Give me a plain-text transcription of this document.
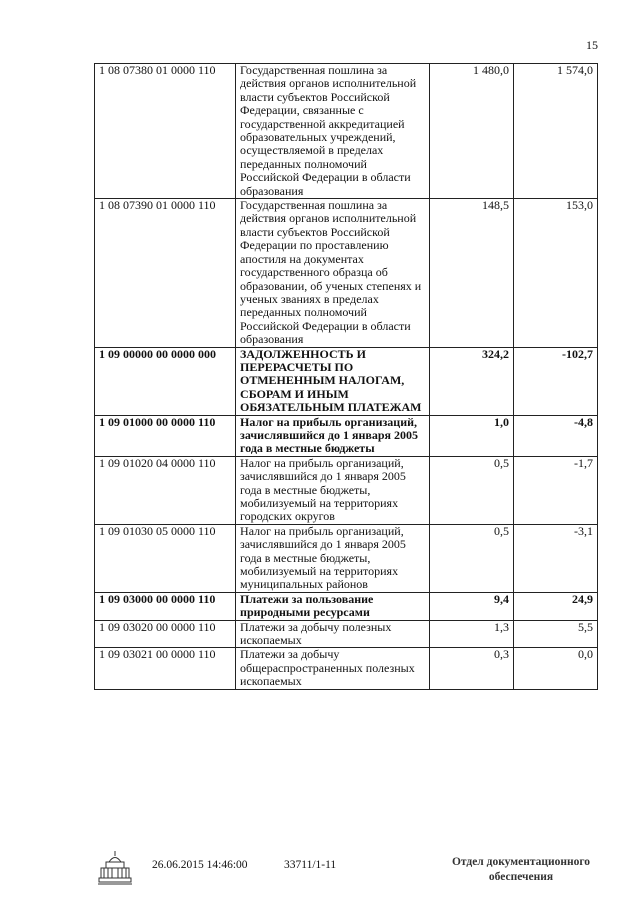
15
1 08 07380 01 0000 110	Государственная пошлина за действия органов исполнительной власти субъектов Российской Федерации, связанные с государственной аккредитацией образовательных учреждений, осуществляемой в пределах переданных полномочий Российской Федерации в области образования	1 480,0	1 574,0
1 08 07390 01 0000 110	Государственная пошлина за действия органов исполнительной власти субъектов Российской Федерации по проставлению апостиля на документах государственного образца об образовании, об ученых степенях и ученых званиях в пределах переданных полномочий Российской Федерации в области образования	148,5	153,0
1 09 00000 00 0000 000	ЗАДОЛЖЕННОСТЬ И ПЕРЕРАСЧЕТЫ ПО ОТМЕНЕННЫМ НАЛОГАМ, СБОРАМ И ИНЫМ ОБЯЗАТЕЛЬНЫМ ПЛАТЕЖАМ	324,2	-102,7
1 09 01000 00 0000 110	Налог на прибыль организаций, зачислявшийся до 1 января 2005 года в местные бюджеты	1,0	-4,8
1 09 01020 04 0000 110	Налог на прибыль организаций, зачислявшийся до 1 января 2005 года в местные бюджеты, мобилизуемый на территориях городских округов	0,5	-1,7
1 09 01030 05 0000 110	Налог на прибыль организаций, зачислявшийся до 1 января 2005 года в местные бюджеты, мобилизуемый на территориях муниципальных районов	0,5	-3,1
1 09 03000 00 0000 110	Платежи за пользование природными ресурсами	9,4	24,9
1 09 03020 00 0000 110	Платежи за добычу полезных ископаемых	1,3	5,5
1 09 03021 00 0000 110	Платежи за добычу общераспространенных полезных ископаемых	0,3	0,0
26.06.2015 14:46:00	33711/1-11	Отдел документационного
обеспечения
